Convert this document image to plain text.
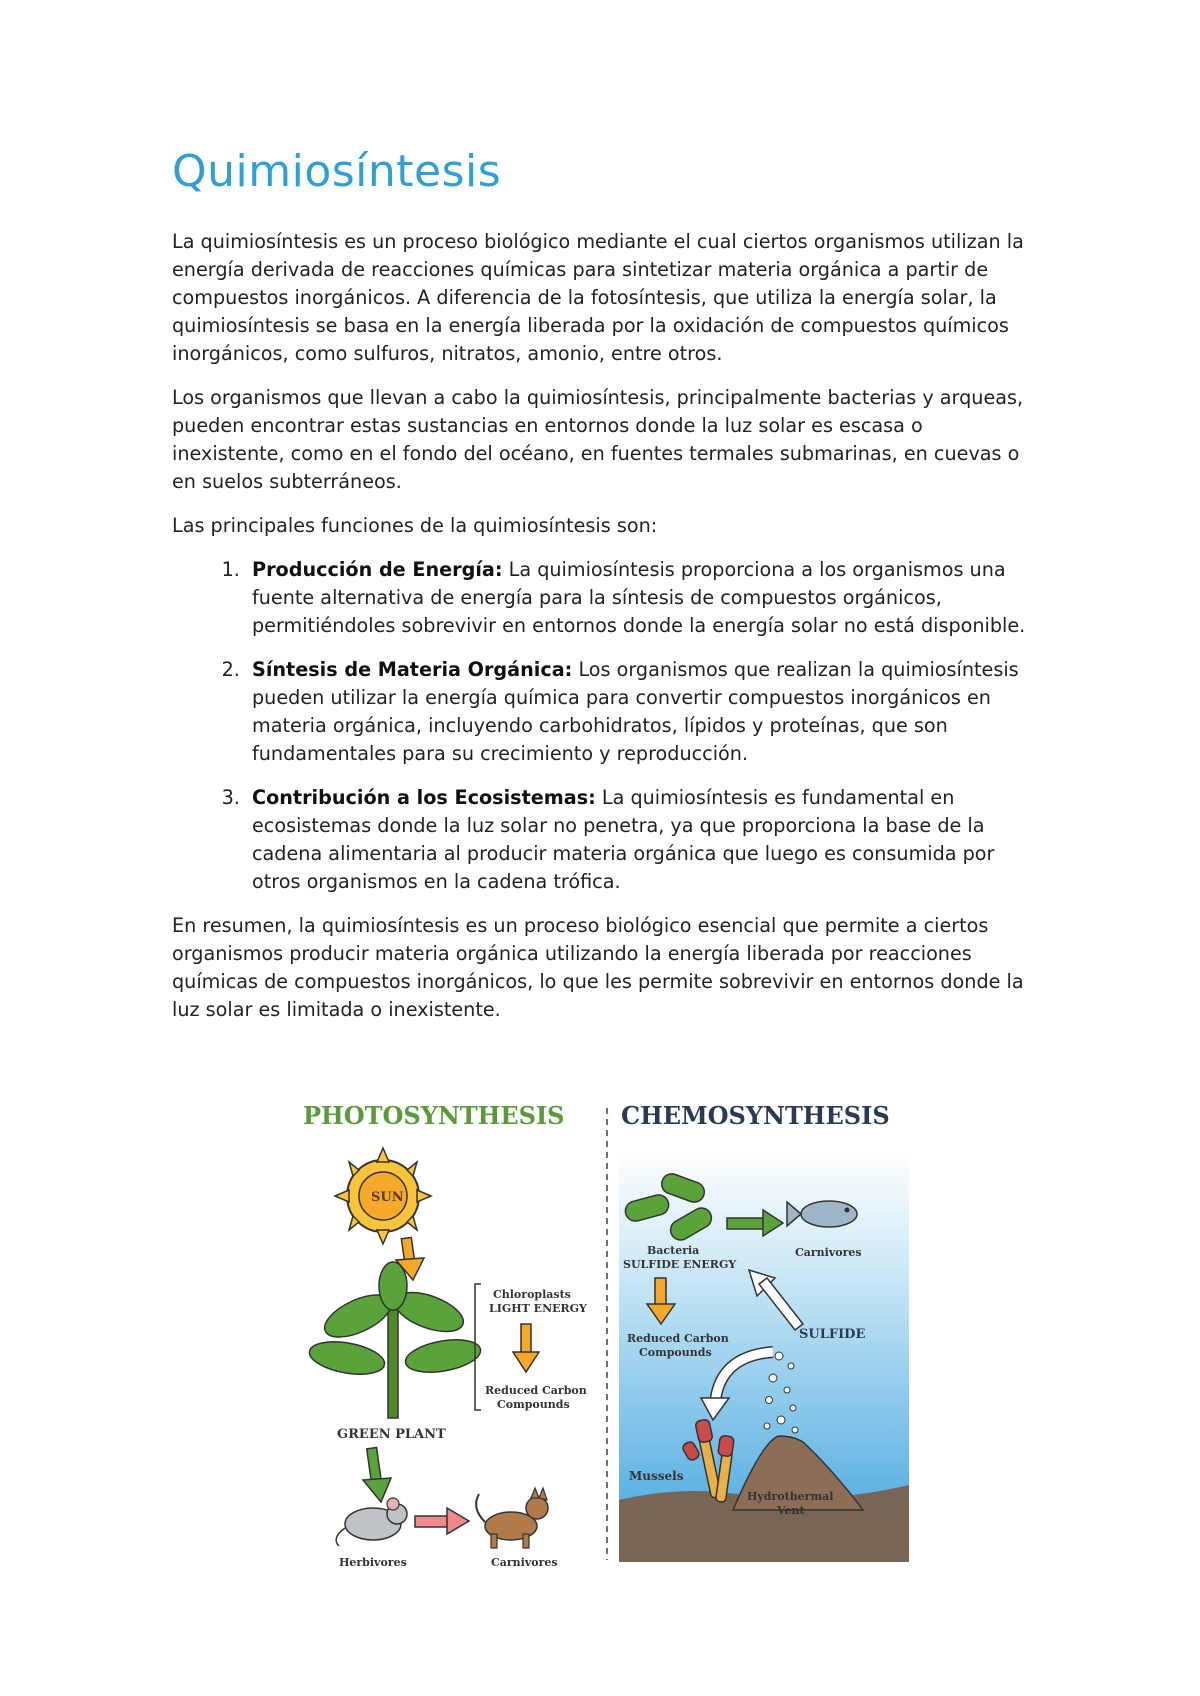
Quimiosíntesis

La quimiosíntesis es un proceso biológico mediante el cual ciertos organismos utilizan la energía derivada de reacciones químicas para sintetizar materia orgánica a partir de compuestos inorgánicos. A diferencia de la fotosíntesis, que utiliza la energía solar, la quimiosíntesis se basa en la energía liberada por la oxidación de compuestos químicos inorgánicos, como sulfuros, nitratos, amonio, entre otros.

Los organismos que llevan a cabo la quimiosíntesis, principalmente bacterias y arqueas, pueden encontrar estas sustancias en entornos donde la luz solar es escasa o inexistente, como en el fondo del océano, en fuentes termales submarinas, en cuevas o en suelos subterráneos.

Las principales funciones de la quimiosíntesis son:

1. Producción de Energía: La quimiosíntesis proporciona a los organismos una fuente alternativa de energía para la síntesis de compuestos orgánicos, permitiéndoles sobrevivir en entornos donde la energía solar no está disponible.
2. Síntesis de Materia Orgánica: Los organismos que realizan la quimiosíntesis pueden utilizar la energía química para convertir compuestos inorgánicos en materia orgánica, incluyendo carbohidratos, lípidos y proteínas, que son fundamentales para su crecimiento y reproducción.
3. Contribución a los Ecosistemas: La quimiosíntesis es fundamental en ecosistemas donde la luz solar no penetra, ya que proporciona la base de la cadena alimentaria al producir materia orgánica que luego es consumida por otros organismos en la cadena trófica.

En resumen, la quimiosíntesis es un proceso biológico esencial que permite a ciertos organismos producir materia orgánica utilizando la energía liberada por reacciones químicas de compuestos inorgánicos, lo que les permite sobrevivir en entornos donde la luz solar es limitada o inexistente.

PHOTOSYNTHESIS CHEMOSYNTHESIS
SUN
GREEN PLANT
Chloroplasts
LIGHT ENERGY
Reduced Carbon
Compounds
Herbivores	Carnivores
Bacteria
SULFIDE ENERGY
Carnivores
Reduced Carbon
Compounds
SULFIDE
Mussels
Hydrothermal
Vent
